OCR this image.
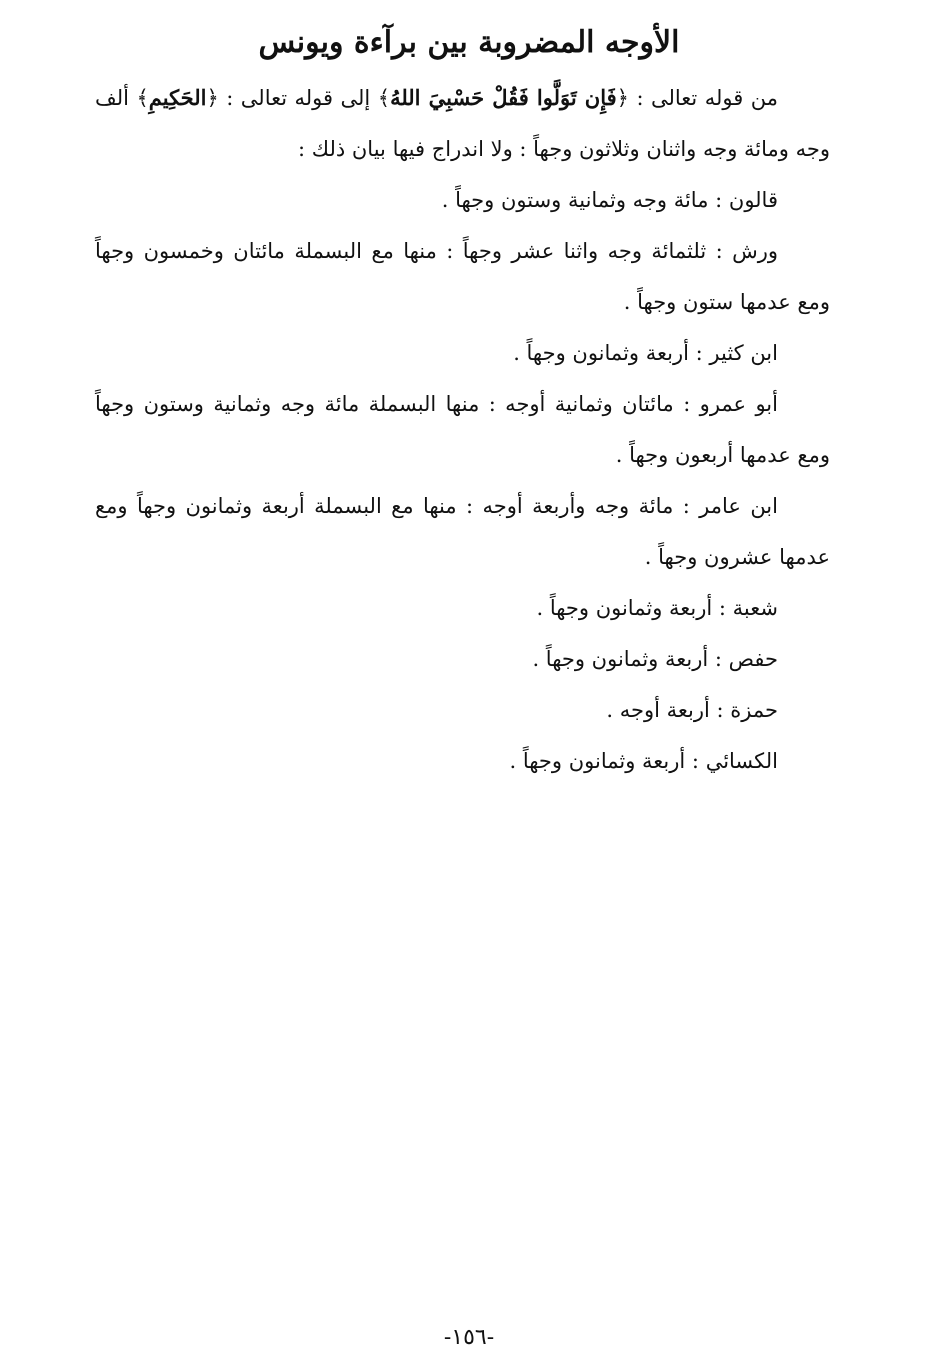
الأوجه المضروبة بين برآءة ويونس

من قوله تعالى : ﴿فَإِن تَوَلَّوا فَقُلْ حَسْبِيَ اللهُ﴾ إلى قوله تعالى : ﴿الحَكِيمِ﴾ ألف وجه ومائة وجه واثنان وثلاثون وجهاً : ولا اندراج فيها بيان ذلك :

قالون : مائة وجه وثمانية وستون وجهاً .

ورش : ثلثمائة وجه واثنا عشر وجهاً : منها مع البسملة مائتان وخمسون وجهاً ومع عدمها ستون وجهاً .

ابن كثير : أربعة وثمانون وجهاً .

أبو عمرو : مائتان وثمانية أوجه : منها البسملة مائة وجه وثمانية وستون وجهاً ومع عدمها أربعون وجهاً .

ابن عامر : مائة وجه وأربعة أوجه : منها مع البسملة أربعة وثمانون وجهاً ومع عدمها عشرون وجهاً .

شعبة : أربعة وثمانون وجهاً .

حفص : أربعة وثمانون وجهاً .

حمزة : أربعة أوجه .

الكسائي : أربعة وثمانون وجهاً .

-١٥٦-
